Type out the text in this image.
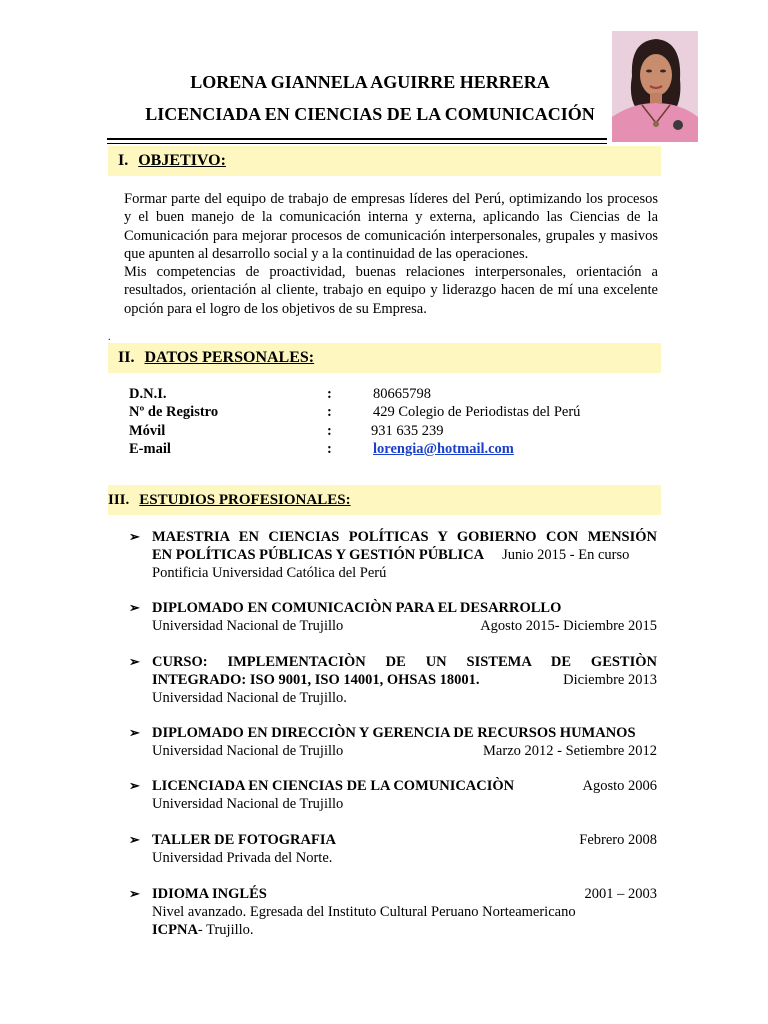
LORENA GIANNELA AGUIRRE HERRERA
LICENCIADA EN CIENCIAS DE LA COMUNICACIÓN
I. OBJETIVO:

Formar parte del equipo de trabajo de empresas líderes del Perú, optimizando los procesos y el buen manejo de la comunicación interna y externa, aplicando las Ciencias de la Comunicación para mejorar procesos de comunicación interpersonales, grupales y masivos que apunten al desarrollo social y a la continuidad de las operaciones.

Mis competencias de proactividad, buenas relaciones interpersonales, orientación a resultados, orientación al cliente, trabajo en equipo y liderazgo hacen de mí una excelente opción para el logro de los objetivos de su Empresa.

.
II. DATOS PERSONALES:
D.N.I.	:	80665798
Nº de Registro	:	429 Colegio de Periodistas del Perú
Móvil	:	931 635 239
E-mail	:	lorengia@hotmail.com
III. ESTUDIOS PROFESIONALES:
➢ MAESTRIA EN CIENCIAS POLÍTICAS Y GOBIERNO CON MENSIÓN
EN POLÍTICAS PÚBLICAS Y GESTIÓN PÚBLICA Junio 2015 - En curso
Pontificia Universidad Católica del Perú
➢ DIPLOMADO EN COMUNICACIÒN PARA EL DESARROLLO
Universidad Nacional de Trujillo	Agosto 2015- Diciembre 2015
➢ CURSO: IMPLEMENTACIÒN DE UN SISTEMA DE GESTIÒN
INTEGRADO: ISO 9001, ISO 14001, OHSAS 18001.	Diciembre 2013
Universidad Nacional de Trujillo.
➢ DIPLOMADO EN DIRECCIÒN Y GERENCIA DE RECURSOS HUMANOS
Universidad Nacional de Trujillo	Marzo 2012 - Setiembre 2012
➢ LICENCIADA EN CIENCIAS DE LA COMUNICACIÒN	Agosto 2006
Universidad Nacional de Trujillo
➢ TALLER DE FOTOGRAFIA	Febrero 2008
Universidad Privada del Norte.
➢ IDIOMA INGLÉS	2001 – 2003
Nivel avanzado. Egresada del Instituto Cultural Peruano Norteamericano
ICPNA- Trujillo.
